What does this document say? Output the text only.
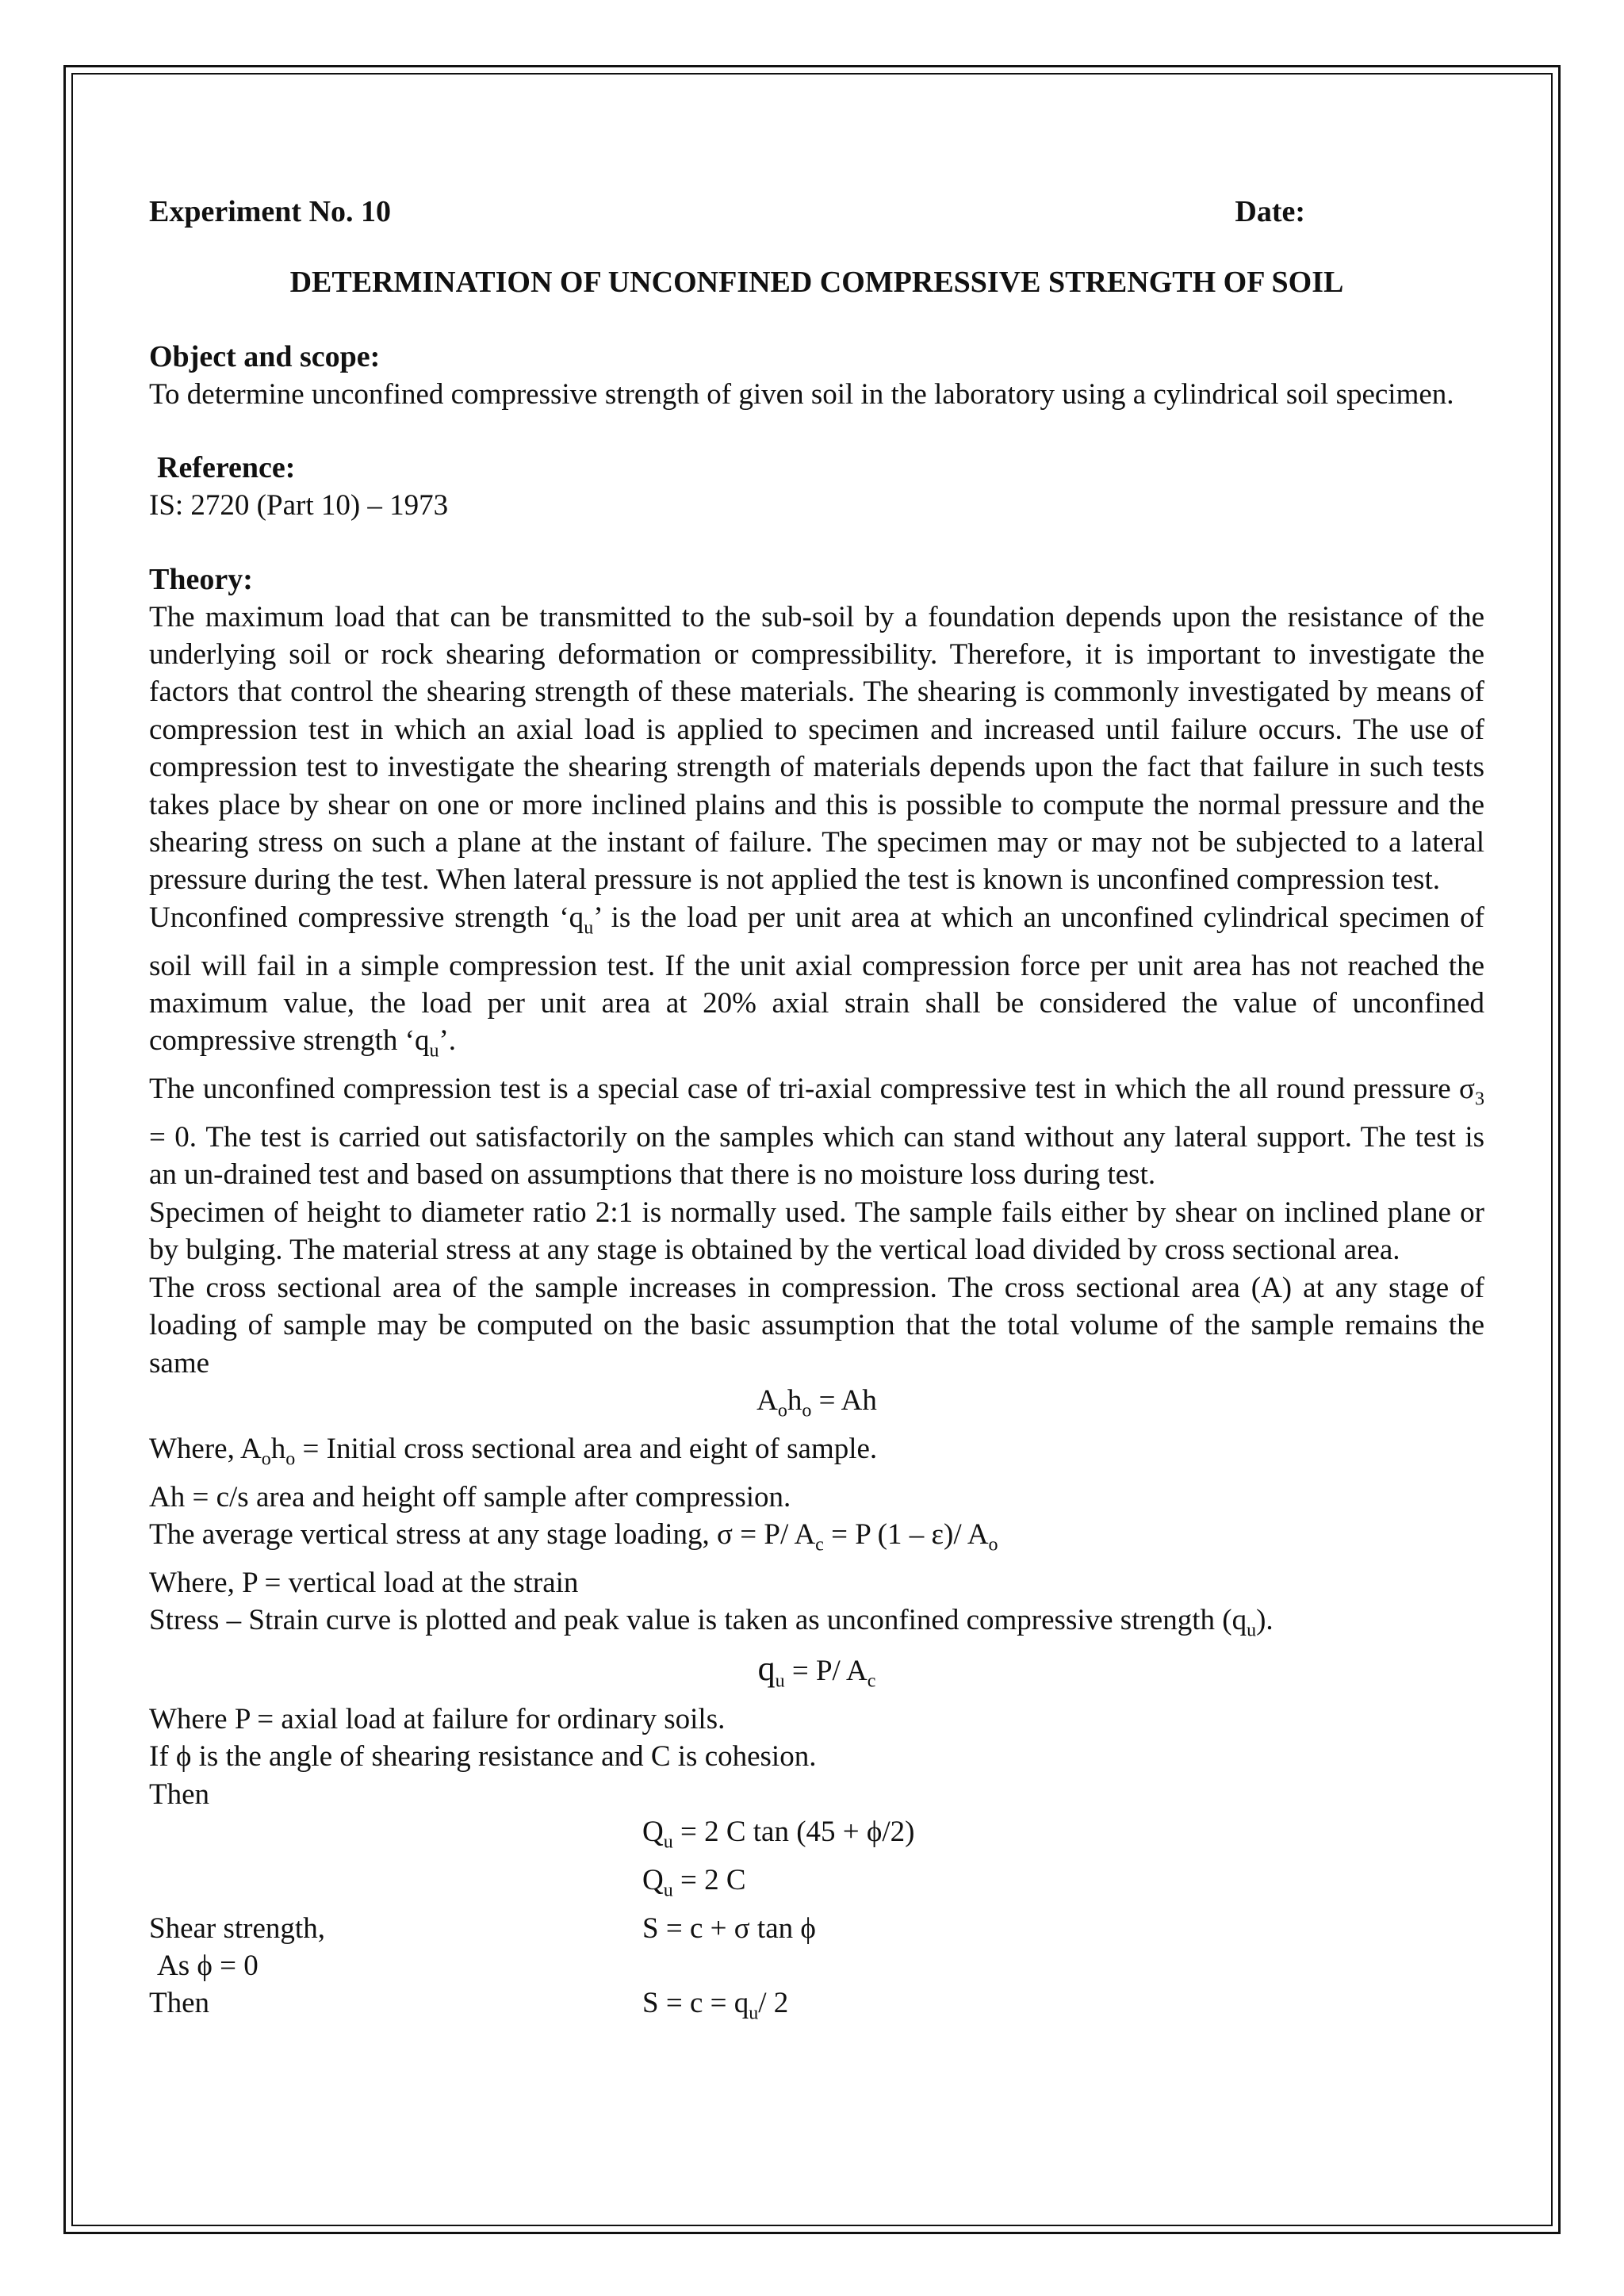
Experiment No. 10	Date:
DETERMINATION OF UNCONFINED COMPRESSIVE STRENGTH OF SOIL
Object and scope:

To determine unconfined compressive strength of given soil in the laboratory using a cylindrical soil specimen.

Reference:

IS: 2720 (Part 10) – 1973

Theory:

The maximum load that can be transmitted to the sub-soil by a foundation depends upon the resistance of the underlying soil or rock shearing deformation or compressibility. Therefore, it is important to investigate the factors that control the shearing strength of these materials. The shearing is commonly investigated by means of compression test in which an axial load is applied to specimen and increased until failure occurs. The use of compression test to investigate the shearing strength of materials depends upon the fact that failure in such tests takes place by shear on one or more inclined plains and this is possible to compute the normal pressure and the shearing stress on such a plane at the instant of failure. The specimen may or may not be subjected to a lateral pressure during the test. When lateral pressure is not applied the test is known is unconfined compression test.

Unconfined compressive strength ‘$q_u$’ is the load per unit area at which an unconfined cylindrical specimen of soil will fail in a simple compression test. If the unit axial compression force per unit area has not reached the maximum value, the load per unit area at 20% axial strain shall be considered the value of unconfined compressive strength ‘$q_u$’.

The unconfined compression test is a special case of tri-axial compressive test in which the all round pressure $\sigma_3 = 0$. The test is carried out satisfactorily on the samples which can stand without any lateral support. The test is an un-drained test and based on assumptions that there is no moisture loss during test.

Specimen of height to diameter ratio 2:1 is normally used. The sample fails either by shear on inclined plane or by bulging. The material stress at any stage is obtained by the vertical load divided by cross sectional area.

The cross sectional area of the sample increases in compression. The cross sectional area (A) at any stage of loading of sample may be computed on the basic assumption that the total volume of the sample remains the same

$A_oh_o = Ah$
Where, $A_oh_o$ = Initial cross sectional area and eight of sample.
Ah = c/s area and height off sample after compression.
The average vertical stress at any stage loading, σ = P/ $A_c = P$ (1 – ε)/ $A_o$
Where, P = vertical load at the strain
Stress – Strain curve is plotted and peak value is taken as unconfined compressive strength $(q_u)$.
$q_u = P/$ $A_c$
Where P = axial load at failure for ordinary soils.
If ϕ is the angle of shearing resistance and C is cohesion.
Then
$Q_u = 2$ C tan (45 + ϕ/2)
$Q_u = 2$ C
Shear strength,	S = c + σ tan ϕ
As ϕ = 0
Then	$S = c = q_u/$ 2
